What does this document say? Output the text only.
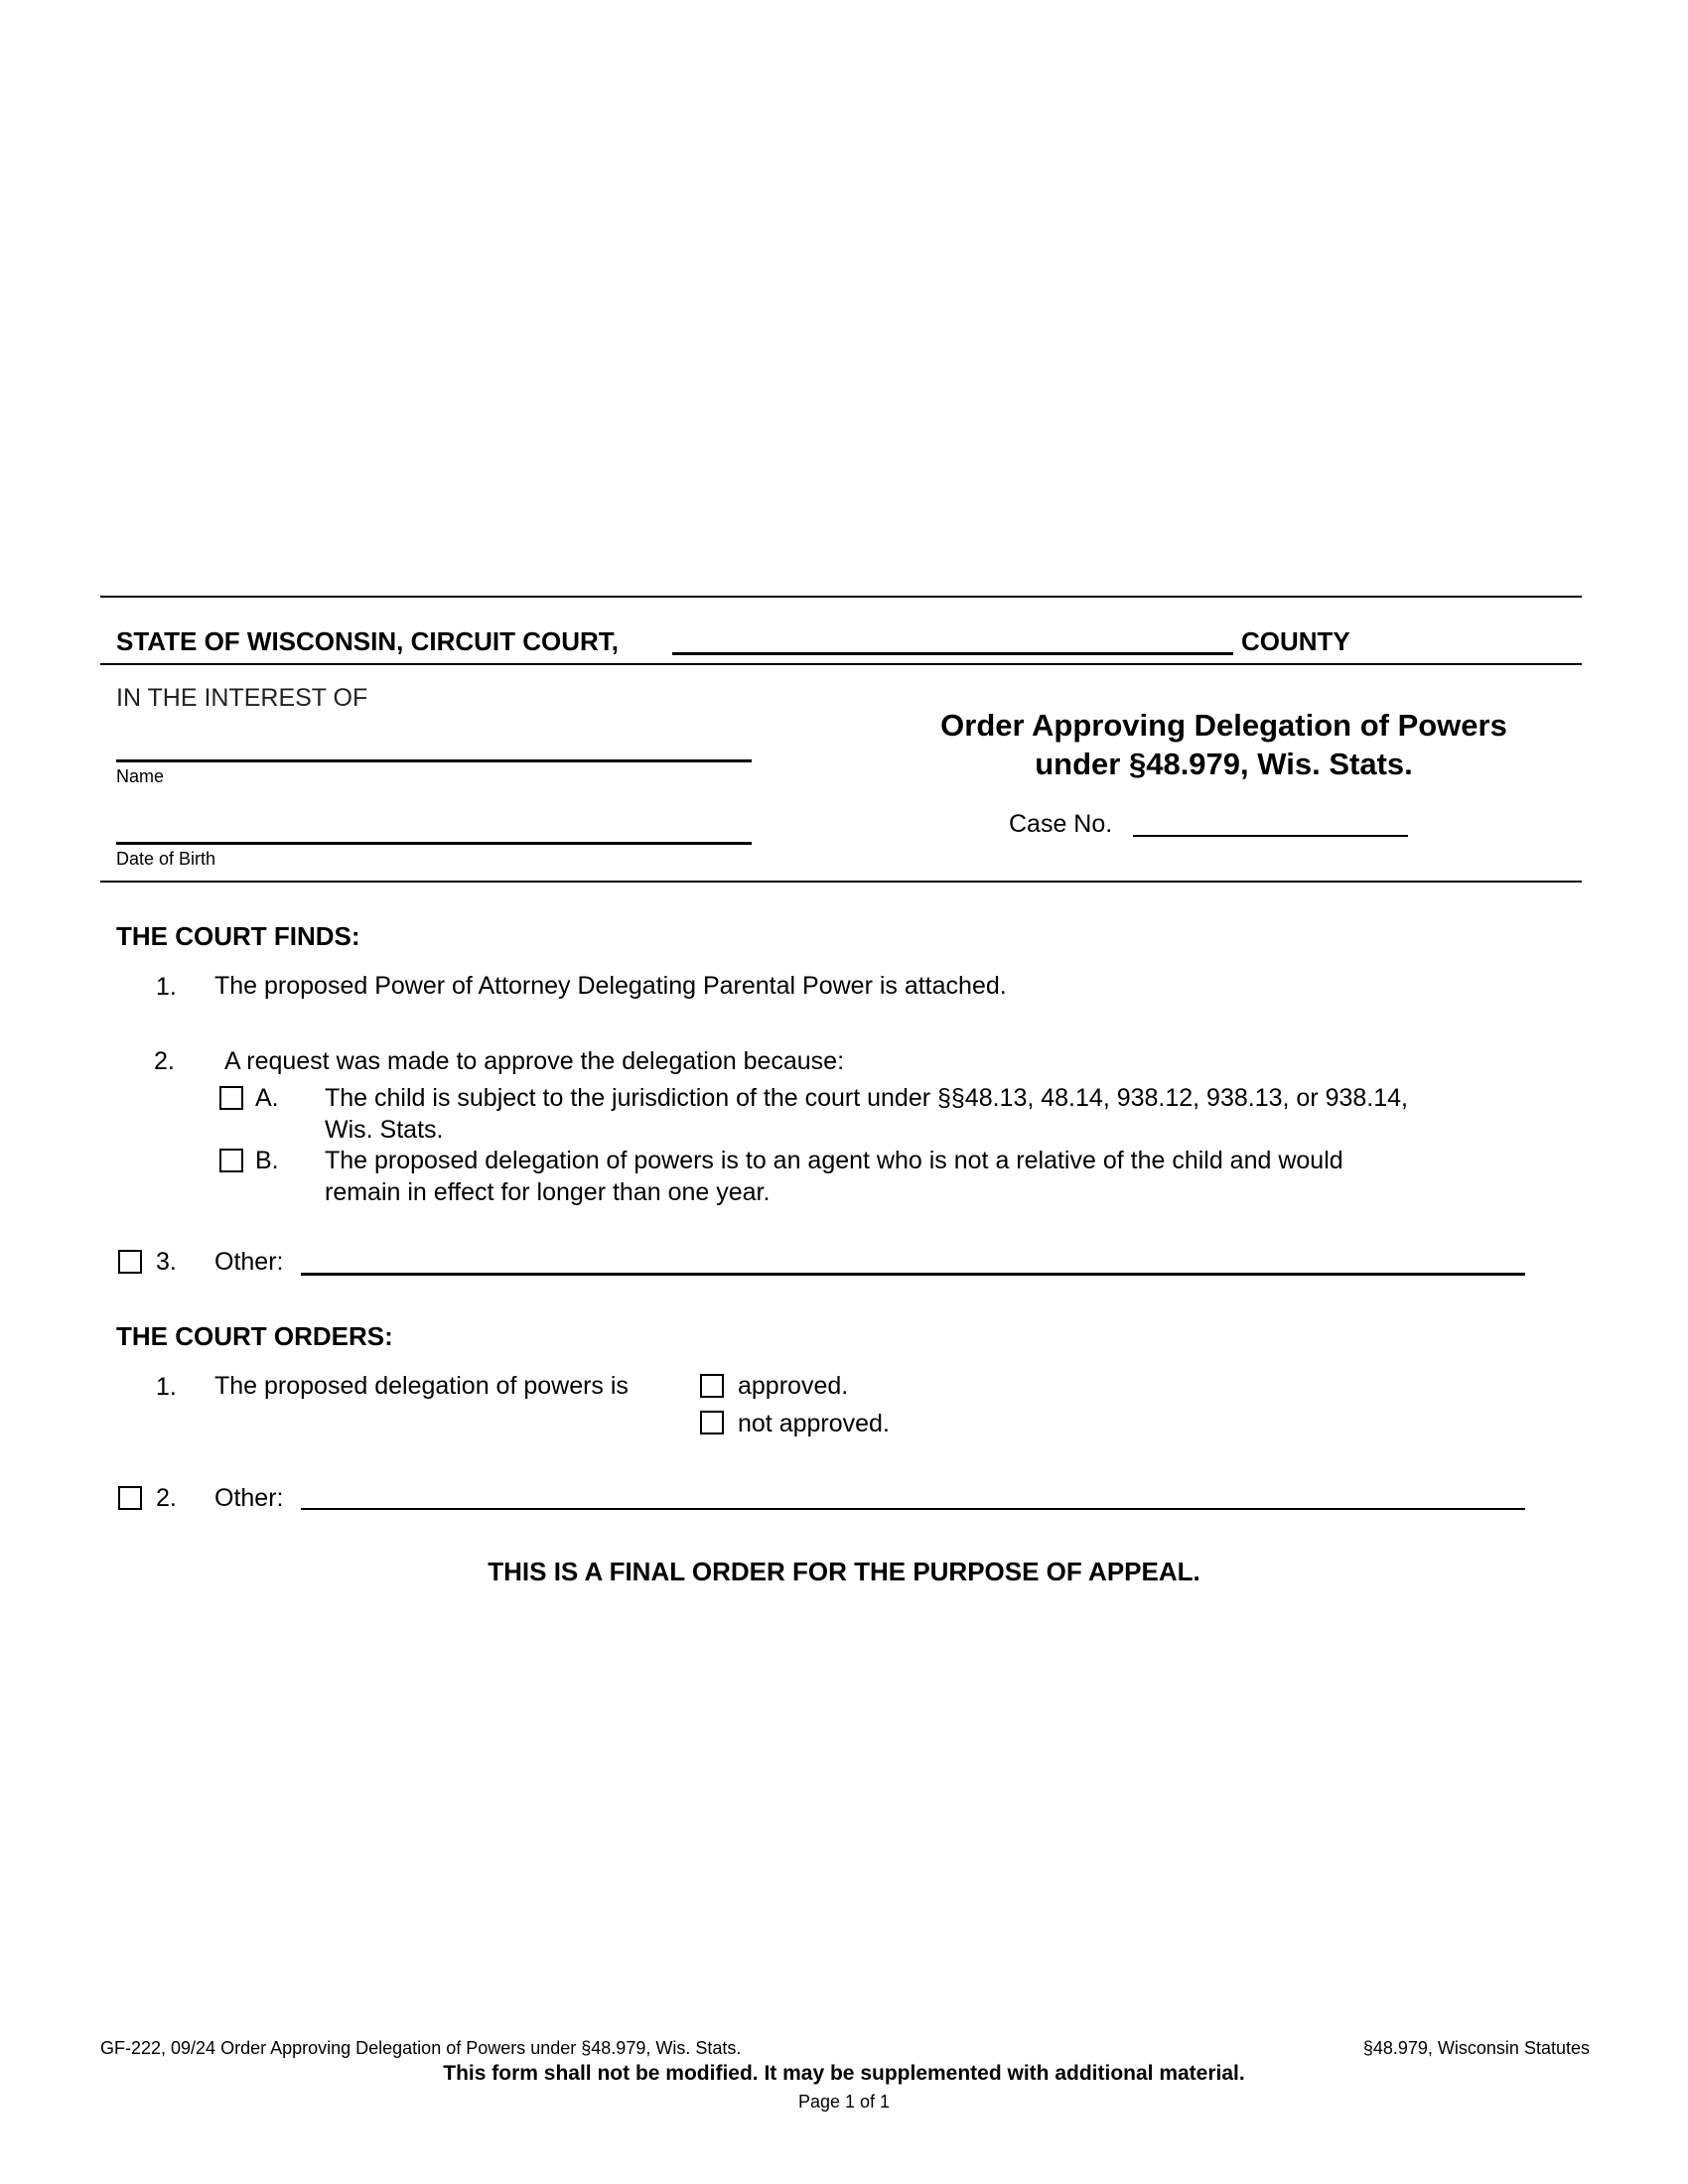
STATE OF WISCONSIN, CIRCUIT COURT,	COUNTY
IN THE INTEREST OF
Name
Date of Birth
Order Approving Delegation of Powers
under §48.979, Wis. Stats.
Case No.
THE COURT FINDS:
1. The proposed Power of Attorney Delegating Parental Power is attached.
2. A request was made to approve the delegation because:
A. The child is subject to the jurisdiction of the court under §§48.13, 48.14, 938.12, 938.13, or 938.14,
Wis. Stats.
B. The proposed delegation of powers is to an agent who is not a relative of the child and would
remain in effect for longer than one year.
3. Other:
THE COURT ORDERS:
1. The proposed delegation of powers is	approved.
not approved.
2. Other:
THIS IS A FINAL ORDER FOR THE PURPOSE OF APPEAL.
GF-222, 09/24 Order Approving Delegation of Powers under §48.979, Wis. Stats.	§48.979, Wisconsin Statutes
This form shall not be modified. It may be supplemented with additional material.
Page 1 of 1
